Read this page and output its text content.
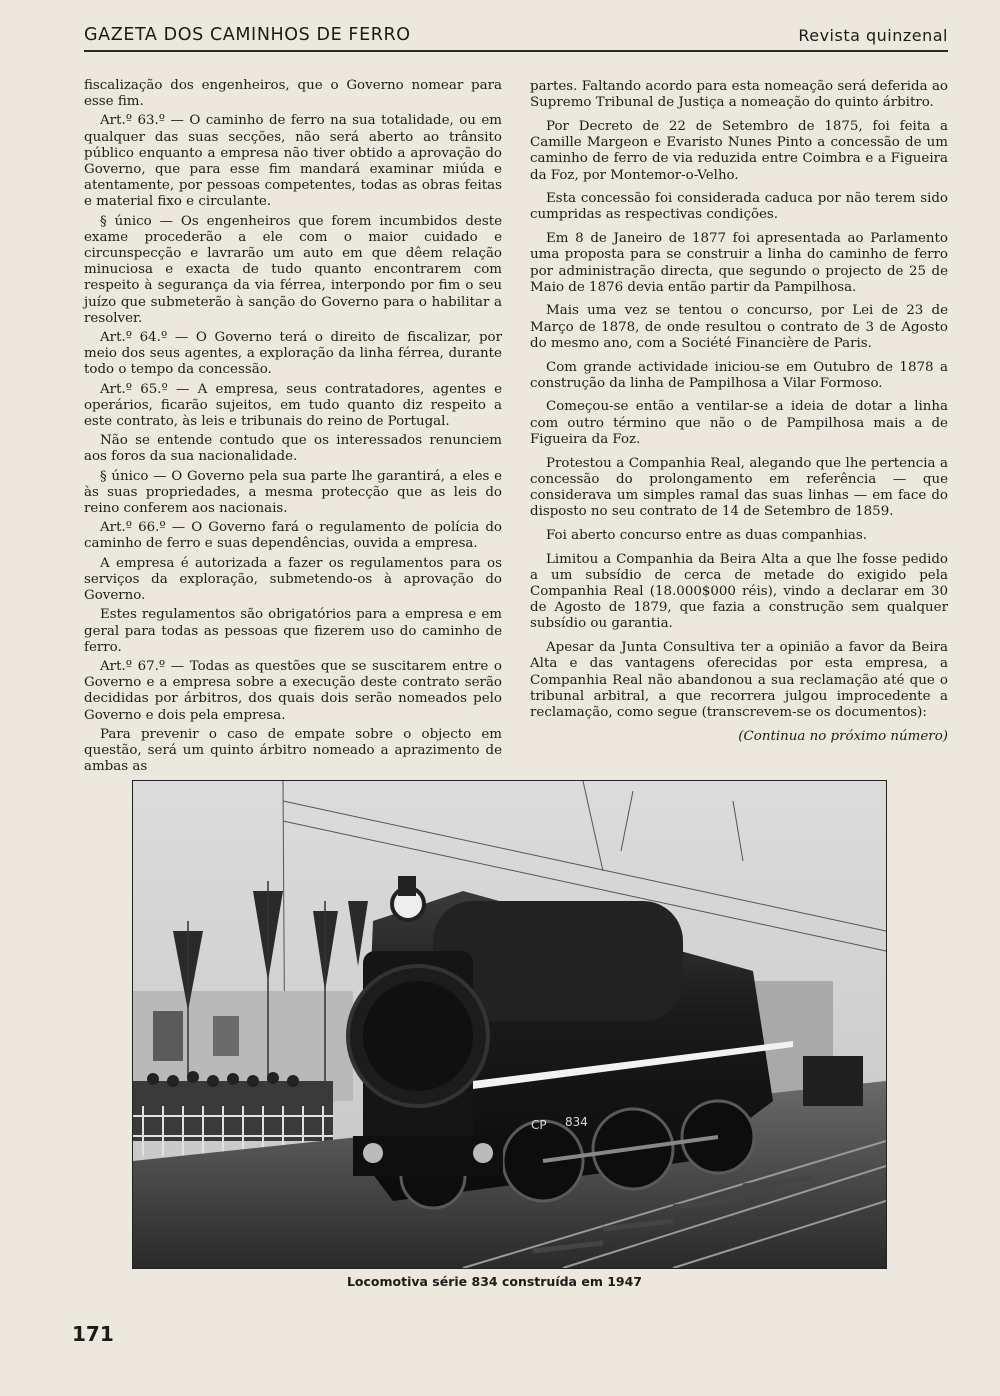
GAZETA DOS CAMINHOS DE FERRO	Revista quinzenal

fiscalização dos engenheiros, que o Governo nomear para esse fim.

Art.º 63.º — O caminho de ferro na sua totalidade, ou em qualquer das suas secções, não será aberto ao trânsito público enquanto a empresa não tiver obtido a aprovação do Governo, que para esse fim mandará examinar miúda e atentamente, por pessoas competentes, todas as obras feitas e material fixo e circulante.

§ único — Os engenheiros que forem incumbidos deste exame procederão a ele com o maior cuidado e circunspecção e lavrarão um auto em que dêem relação minuciosa e exacta de tudo quanto encontrarem com respeito à segurança da via férrea, interpondo por fim o seu juízo que submeterão à sanção do Governo para o habilitar a resolver.

Art.º 64.º — O Governo terá o direito de fiscalizar, por meio dos seus agentes, a exploração da linha férrea, durante todo o tempo da concessão.

Art.º 65.º — A empresa, seus contratadores, agentes e operários, ficarão sujeitos, em tudo quanto diz respeito a este contrato, às leis e tribunais do reino de Portugal.

Não se entende contudo que os interessados renunciem aos foros da sua nacionalidade.

§ único — O Governo pela sua parte lhe garantirá, a eles e às suas propriedades, a mesma protecção que as leis do reino conferem aos nacionais.

Art.º 66.º — O Governo fará o regulamento de polícia do caminho de ferro e suas dependências, ouvida a empresa.

A empresa é autorizada a fazer os regulamentos para os serviços da exploração, submetendo-os à aprovação do Governo.

Estes regulamentos são obrigatórios para a empresa e em geral para todas as pessoas que fizerem uso do caminho de ferro.

Art.º 67.º — Todas as questões que se suscitarem entre o Governo e a empresa sobre a execução deste contrato serão decididas por árbitros, dos quais dois serão nomeados pelo Governo e dois pela empresa.

Para prevenir o caso de empate sobre o objecto em questão, será um quinto árbitro nomeado a aprazimento de ambas as

partes. Faltando acordo para esta nomeação será deferida ao Supremo Tribunal de Justiça a nomeação do quinto árbitro.

Por Decreto de 22 de Setembro de 1875, foi feita a Camille Margeon e Evaristo Nunes Pinto a concessão de um caminho de ferro de via reduzida entre Coimbra e a Figueira da Foz, por Montemor-o-Velho.

Esta concessão foi considerada caduca por não terem sido cumpridas as respectivas condições.

Em 8 de Janeiro de 1877 foi apresentada ao Parlamento uma proposta para se construir a linha do caminho de ferro por administração directa, que segundo o projecto de 25 de Maio de 1876 devia então partir da Pampilhosa.

Mais uma vez se tentou o concurso, por Lei de 23 de Março de 1878, de onde resultou o contrato de 3 de Agosto do mesmo ano, com a Société Financière de Paris.

Com grande actividade iniciou-se em Outubro de 1878 a construção da linha de Pampilhosa a Vilar Formoso.

Começou-se então a ventilar-se a ideia de dotar a linha com outro término que não o de Pampilhosa mais a de Figueira da Foz.

Protestou a Companhia Real, alegando que lhe pertencia a concessão do prolongamento em referência — que considerava um simples ramal das suas linhas — em face do disposto no seu contrato de 14 de Setembro de 1859.

Foi aberto concurso entre as duas companhias.

Limitou a Companhia da Beira Alta a que lhe fosse pedido a um subsídio de cerca de metade do exigido pela Companhia Real (18.000$000 réis), vindo a declarar em 30 de Agosto de 1879, que fazia a construção sem qualquer subsídio ou garantia.

Apesar da Junta Consultiva ter a opinião a favor da Beira Alta e das vantagens oferecidas por esta empresa, a Companhia Real não abandonou a sua reclamação até que o tribunal arbitral, a que recorrera julgou improcedente a reclamação, como segue (transcrevem-se os documentos):

(Continua no próximo número)

CP 834
Locomotiva série 834 construída em 1947
171
